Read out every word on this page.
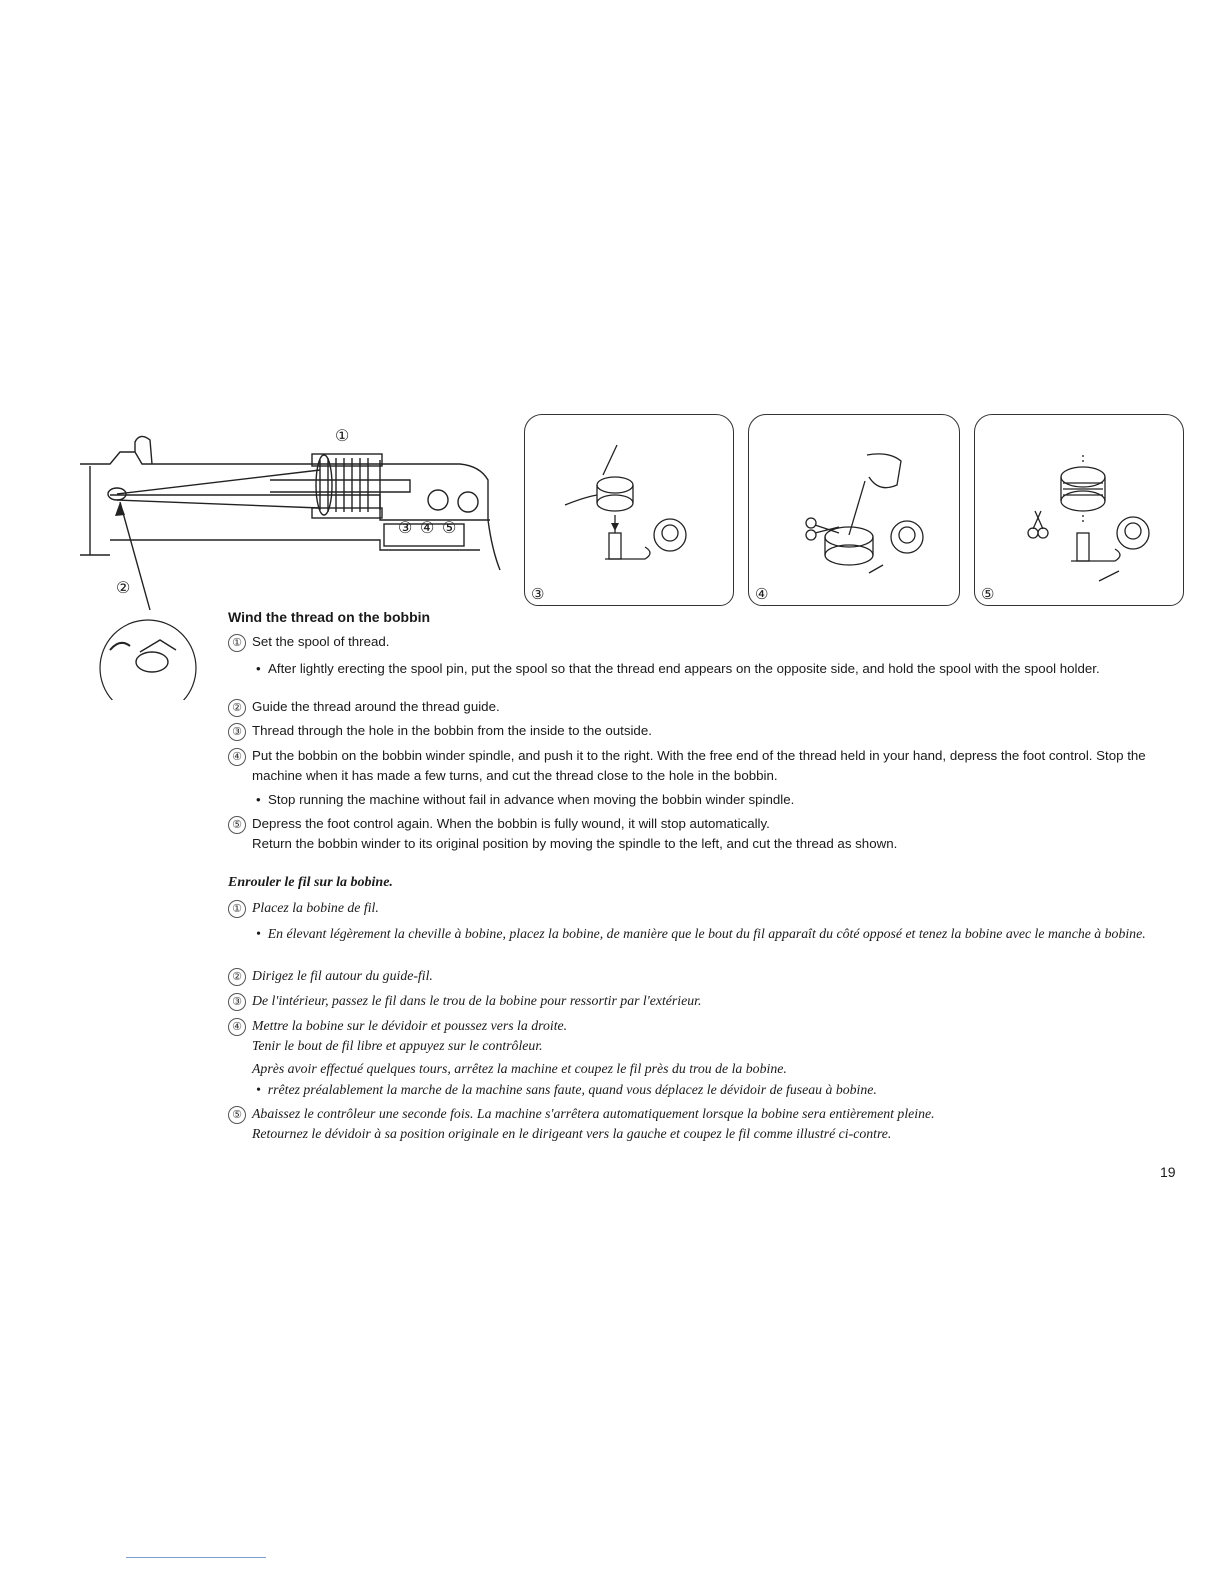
①
②
③ ④ ⑤
③	④	⑤
Wind the thread on the bobbin
① Set the spool of thread.
• After lightly erecting the spool pin, put the spool so that the thread end appears on the opposite side, and hold the spool with the spool holder.
② Guide the thread around the thread guide.
③ Thread through the hole in the bobbin from the inside to the outside.
④ Put the bobbin on the bobbin winder spindle, and push it to the right. With the free end of the thread held in your hand, depress the foot control. Stop the machine when it has made a few turns, and cut the thread close to the hole in the bobbin.
• Stop running the machine without fail in advance when moving the bobbin winder spindle.
⑤ Depress the foot control again. When the bobbin is fully wound, it will stop automatically.
Return the bobbin winder to its original position by moving the spindle to the left, and cut the thread as shown.
Enrouler le fil sur la bobine.
① Placez la bobine de fil.
• En élevant légèrement la cheville à bobine, placez la bobine, de manière que le bout du fil apparaît du côté opposé et tenez la bobine avec le manche à bobine.
② Dirigez le fil autour du guide-fil.
③ De l'intérieur, passez le fil dans le trou de la bobine pour ressortir par l'extérieur.
④ Mettre la bobine sur le dévidoir et poussez vers la droite.
Tenir le bout de fil libre et appuyez sur le contrôleur.
Après avoir effectué quelques tours, arrêtez la machine et coupez le fil près du trou de la bobine.
• rrêtez préalablement la marche de la machine sans faute, quand vous déplacez le dévidoir de fuseau à bobine.
⑤ Abaissez le contrôleur une seconde fois. La machine s'arrêtera automatiquement lorsque la bobine sera entièrement pleine.
Retournez le dévidoir à sa position originale en le dirigeant vers la gauche et coupez le fil comme illustré ci-contre.
19
